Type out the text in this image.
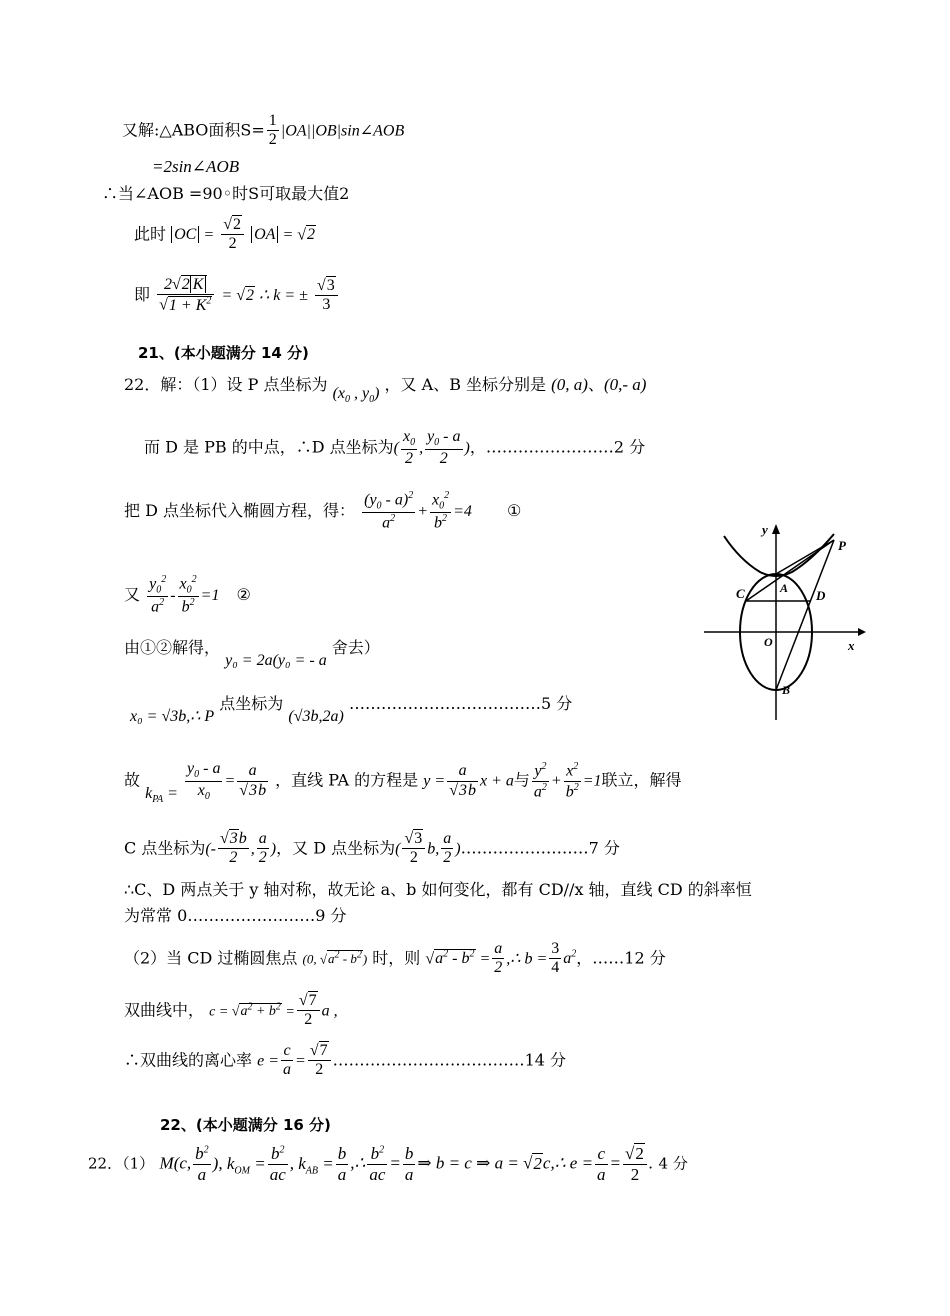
又解:△ABO面积$S= \frac{1}{2}$ |OA||OB|sin∠AOB
=2sin∠AOB
∴当∠AOB =90◦时S可取最大值2
此时 OC = $\frac{√2}{2}$ OA = √2
即 $\frac{2√2 K}{√1 + K^2} = √2$ ∴ k = ± $\frac{√3}{3}$
21、(本小题满分 14 分)
22．解：（1）设 P 点坐标为 ($x_0$ , $y_0$) ，又 A、B 坐标分别是 (0, a)、(0,- a)
而 D 是 PB 的中点，∴D 点坐标为( $\frac{x_0}{2}$ , $\frac{y_0 - a}{2}$ )，……………………2 分
把 D 点坐标代入椭圆方程，得： $\frac{(y_0 - a)^2}{a^2} + \frac{x_0^2}{b^2} =4$ ①
又 $\frac{y_0^2}{a^2} - \frac{x_0^2}{b^2} =1$ ②
由①②解得， y₀ = 2a(y₀ = - a 舍去）
x₀ = √3b,∴ P 点坐标为 (√3b,2a) ………………………………5 分
故 $k_{PA} = \frac{y_0 - a}{x_0} = \frac{a}{√3b}$ ，直线 PA 的方程是 $y = \frac{a}{√3b}$ x + a与 $\frac{y^2}{a^2} + \frac{x^2}{b^2} =1$联立，解得
C 点坐标为(- $\frac{√3b}{2}$ , $\frac{a}{2}$ )，又 D 点坐标为( $\frac{√3}{2} b$, $\frac{a}{2}$ )……………………7 分
∴C、D 两点关于 y 轴对称，故无论 a、b 如何变化，都有 CD//x 轴，直线 CD 的斜率恒
为常常 0……………………9 分
（2）当 CD 过椭圆焦点 (0, $√a^2 - b^2$) 时，则 $√a^2 - b^2 = \frac{a}{2}$ ,∴ $b = \frac{3}{4} a^2$，……12 分
双曲线中， $c = √a^2 + b^2 = \frac{√7}{2}$ a ,
∴双曲线的离心率 $e = \frac{c}{a} = \frac{√7}{2}$ ………………………………14 分
22、(本小题满分 16 分)
22．（1） M(c, $\frac{b^2}{a}$ ), $k_{OM} = \frac{b^2}{ac}$ , $k_{AB} = \frac{b}{a}$ ,∴ $\frac{b^2}{ac} = \frac{b}{a}$ ⇒ b = c ⇒ a = √2c,∴ $e = \frac{c}{a} = \frac{√2}{2}$ . 4 分
y
P
C	A D
O	x
B
